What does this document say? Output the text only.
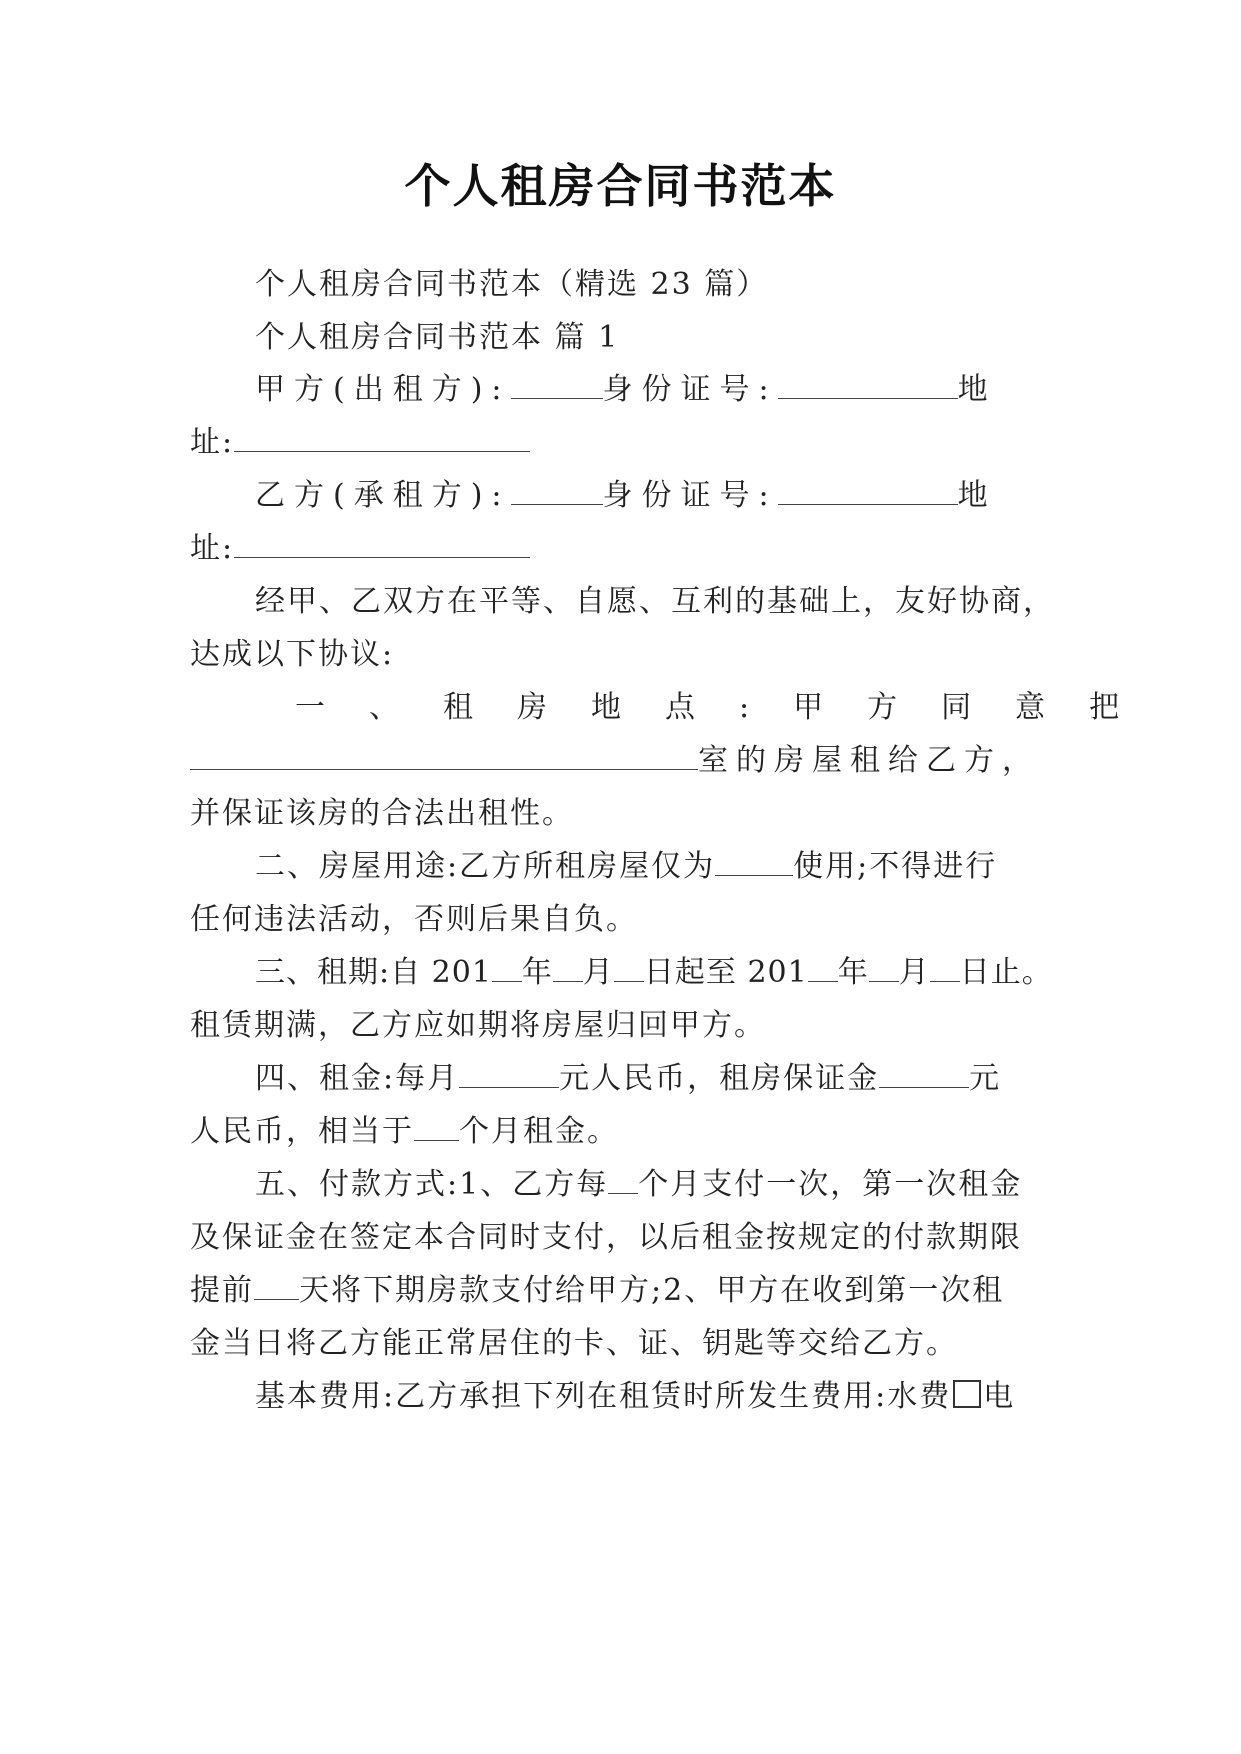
个人租房合同书范本
个人租房合同书范本（精选 23 篇）
个人租房合同书范本 篇 1
甲方(出租方):	身份证号:	地
址:
乙方(承租方):	身份证号:	地
址:
经甲、乙双方在平等、自愿、互利的基础上，友好协商，
达成以下协议:
一、租房地点:甲方同意把
室的房屋租给乙方，
并保证该房的合法出租性。
二、房屋用途:乙方所租房屋仅为	使用;不得进行
任何违法活动，否则后果自负。
三、租期:自 201 年 月 日起至 201 年 月 日止。
租赁期满，乙方应如期将房屋归回甲方。
四、租金:每月	元人民币，租房保证金	元
人民币，相当于 个月租金。
五、付款方式:1、乙方每 个月支付一次，第一次租金
及保证金在签定本合同时支付，以后租金按规定的付款期限
提前 天将下期房款支付给甲方;2、甲方在收到第一次租
金当日将乙方能正常居住的卡、证、钥匙等交给乙方。
基本费用:乙方承担下列在租赁时所发生费用:水费 电
